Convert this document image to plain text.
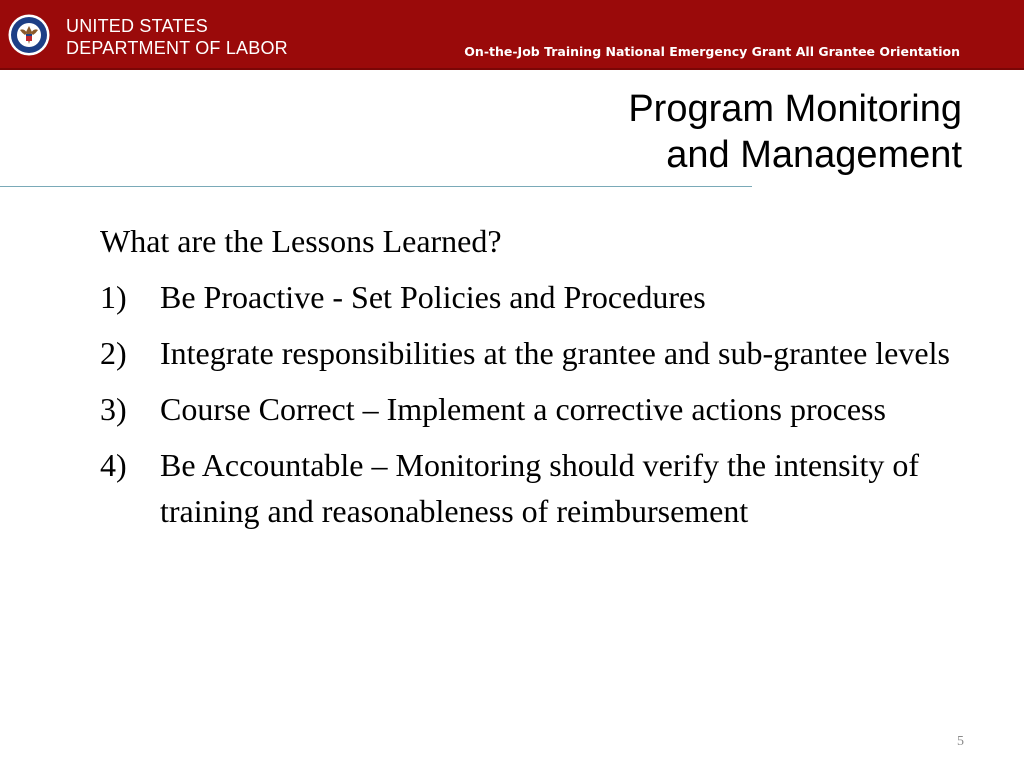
UNITED STATES
DEPARTMENT OF LABOR	On-the-Job Training National Emergency Grant All Grantee Orientation
Program Monitoring
and Management
What are the Lessons Learned?
1)	Be Proactive - Set Policies and Procedures
2)	Integrate responsibilities at the grantee and sub-grantee levels
3)	Course Correct – Implement a corrective actions process
4)	Be Accountable – Monitoring should verify the intensity of training and reasonableness of reimbursement
5
